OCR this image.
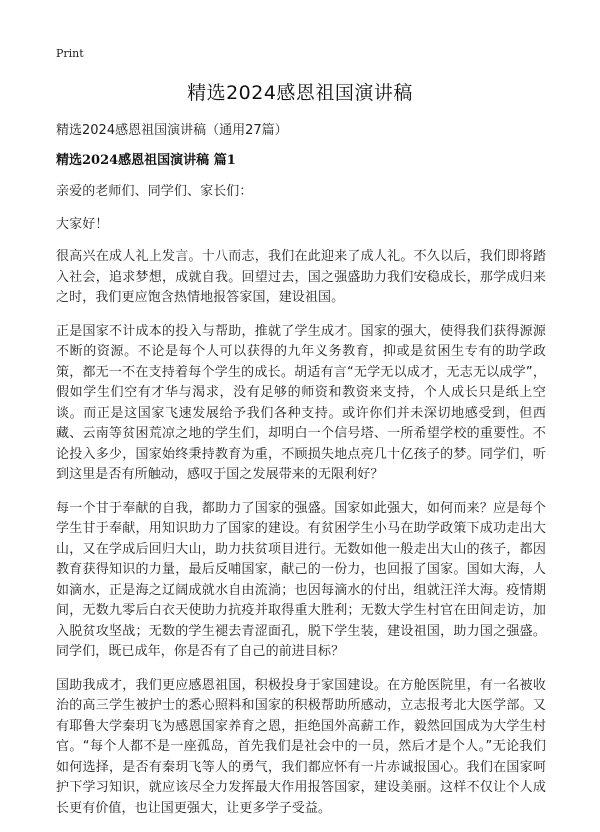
Print
精选2024感恩祖国演讲稿
精选2024感恩祖国演讲稿（通用27篇）
精选2024感恩祖国演讲稿 篇1

亲爱的老师们、同学们、家长们：

大家好！

很高兴在成人礼上发言。十八而志，我们在此迎来了成人礼。不久以后，我们即将踏入社会，追求梦想，成就自我。回望过去，国之强盛助力我们安稳成长，那学成归来之时，我们更应饱含热情地报答家国，建设祖国。

正是国家不计成本的投入与帮助，推就了学生成才。国家的强大，使得我们获得源源不断的资源。不论是每个人可以获得的九年义务教育，抑或是贫困生专有的助学政策，都无一不在支持着每个学生的成长。胡适有言“无学无以成才，无志无以成学”，假如学生们空有才华与渴求，没有足够的师资和教资来支持，个人成长只是纸上空谈。而正是这国家飞速发展给予我们各种支持。或许你们并未深切地感受到，但西藏、云南等贫困荒凉之地的学生们，却明白一个信号塔、一所希望学校的重要性。不论投入多少，国家始终秉持教育为重，不顾损失地点亮几十亿孩子的梦。同学们，听到这里是否有所触动，感叹于国之发展带来的无限利好？

每一个甘于奉献的自我，都助力了国家的强盛。国家如此强大，如何而来？应是每个学生甘于奉献，用知识助力了国家的建设。有贫困学生小马在助学政策下成功走出大山，又在学成后回归大山，助力扶贫项目进行。无数如他一般走出大山的孩子，都因教育获得知识的力量，最后反哺国家，献己的一份力，也回报了国家。国如大海，人如滴水，正是海之辽阔成就水自由流淌；也因每滴水的付出，组就汪洋大海。疫情期间，无数九零后白衣天使助力抗疫并取得重大胜利；无数大学生村官在田间走访，加入脱贫攻坚战；无数的学生褪去青涩面孔，脱下学生装，建设祖国，助力国之强盛。同学们，既已成年，你是否有了自己的前进目标？

国助我成才，我们更应感恩祖国，积极投身于家国建设。在方舱医院里，有一名被收治的高三学生被护士的悉心照料和国家的积极帮助所感动，立志报考北大医学部。又有耶鲁大学秦玥飞为感恩国家养育之恩，拒绝国外高薪工作，毅然回国成为大学生村官。“每个人都不是一座孤岛，首先我们是社会中的一员，然后才是个人。”无论我们如何选择，是否有秦玥飞等人的勇气，我们都应怀有一片赤诚报国心。我们在国家呵护下学习知识，就应该尽全力发挥最大作用报答国家，建设美丽。这样不仅让个人成长更有价值，也让国更强大，让更多学子受益。
